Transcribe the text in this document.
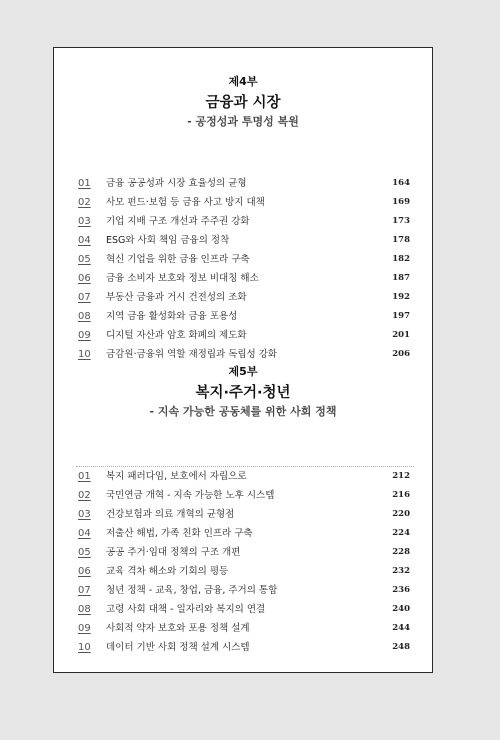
제4부
금융과 시장
- 공정성과 투명성 복원
01	금융 공공성과 시장 효율성의 균형	164
02	사모 펀드·보험 등 금융 사고 방지 대책	169
03	기업 지배 구조 개선과 주주권 강화	173
04	ESG와 사회 책임 금융의 정착	178
05	혁신 기업을 위한 금융 인프라 구축	182
06	금융 소비자 보호와 정보 비대칭 해소	187
07	부동산 금융과 거시 건전성의 조화	192
08	지역 금융 활성화와 금융 포용성	197
09	디지털 자산과 암호 화폐의 제도화	201
10	금감원·금융위 역할 재정립과 독립성 강화	206
제5부
복지·주거·청년
- 지속 가능한 공동체를 위한 사회 정책
01	복지 패러다임, 보호에서 자립으로	212
02	국민연금 개혁 - 지속 가능한 노후 시스템	216
03	건강보험과 의료 개혁의 균형점	220
04	저출산 해법, 가족 친화 인프라 구축	224
05	공공 주거·임대 정책의 구조 개편	228
06	교육 격차 해소와 기회의 평등	232
07	청년 정책 - 교육, 창업, 금융, 주거의 통합	236
08	고령 사회 대책 - 일자리와 복지의 연결	240
09	사회적 약자 보호와 포용 정책 설계	244
10	데이터 기반 사회 정책 설계 시스템	248
